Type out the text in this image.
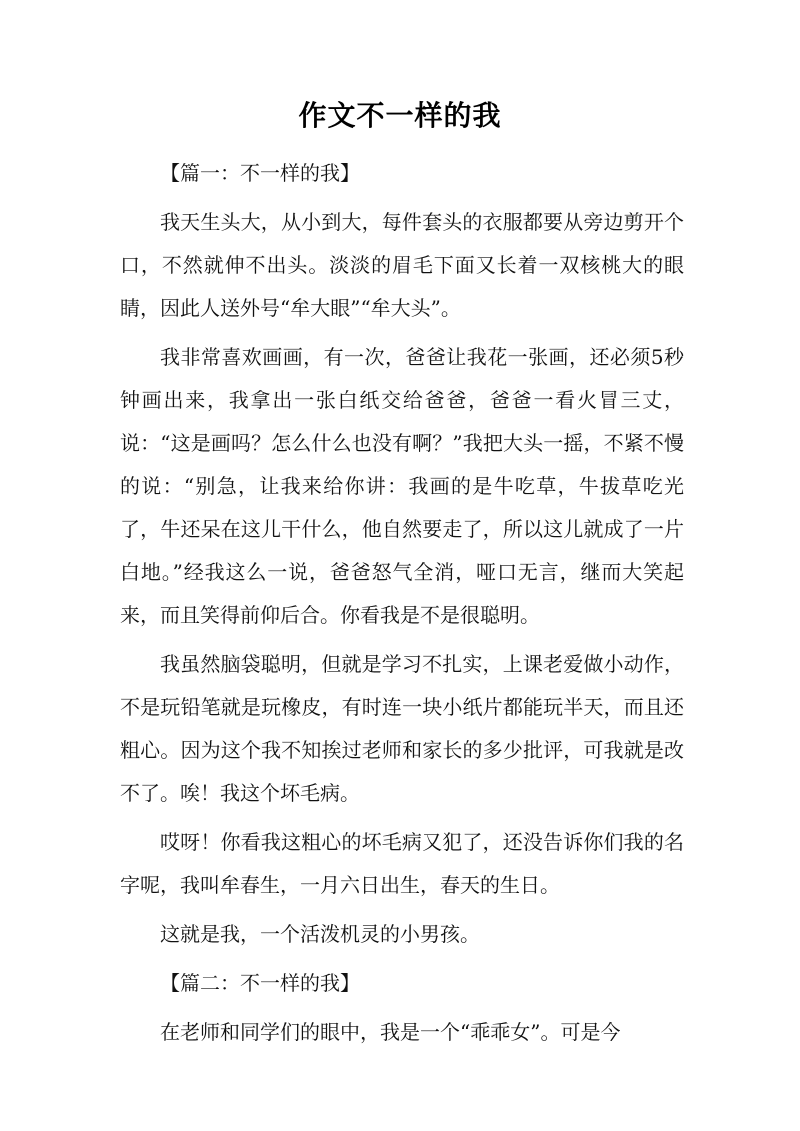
作文不一样的我
【篇一：不一样的我】
我天生头大，从小到大，每件套头的衣服都要从旁边剪开个口，不然就伸不出头。淡淡的眉毛下面又长着一双核桃大的眼睛，因此人送外号“牟大眼”“牟大头”。
我非常喜欢画画，有一次，爸爸让我花一张画，还必须5秒钟画出来，我拿出一张白纸交给爸爸，爸爸一看火冒三丈，说：“这是画吗？怎么什么也没有啊？”我把大头一摇，不紧不慢的说：“别急，让我来给你讲：我画的是牛吃草，牛拔草吃光了，牛还呆在这儿干什么，他自然要走了，所以这儿就成了一片白地。”经我这么一说，爸爸怒气全消，哑口无言，继而大笑起来，而且笑得前仰后合。你看我是不是很聪明。
我虽然脑袋聪明，但就是学习不扎实，上课老爱做小动作，不是玩铅笔就是玩橡皮，有时连一块小纸片都能玩半天，而且还粗心。因为这个我不知挨过老师和家长的多少批评，可我就是改不了。唉！我这个坏毛病。
哎呀！你看我这粗心的坏毛病又犯了，还没告诉你们我的名字呢，我叫牟春生，一月六日出生，春天的生日。
这就是我，一个活泼机灵的小男孩。
【篇二：不一样的我】
在老师和同学们的眼中，我是一个“乖乖女”。可是今
